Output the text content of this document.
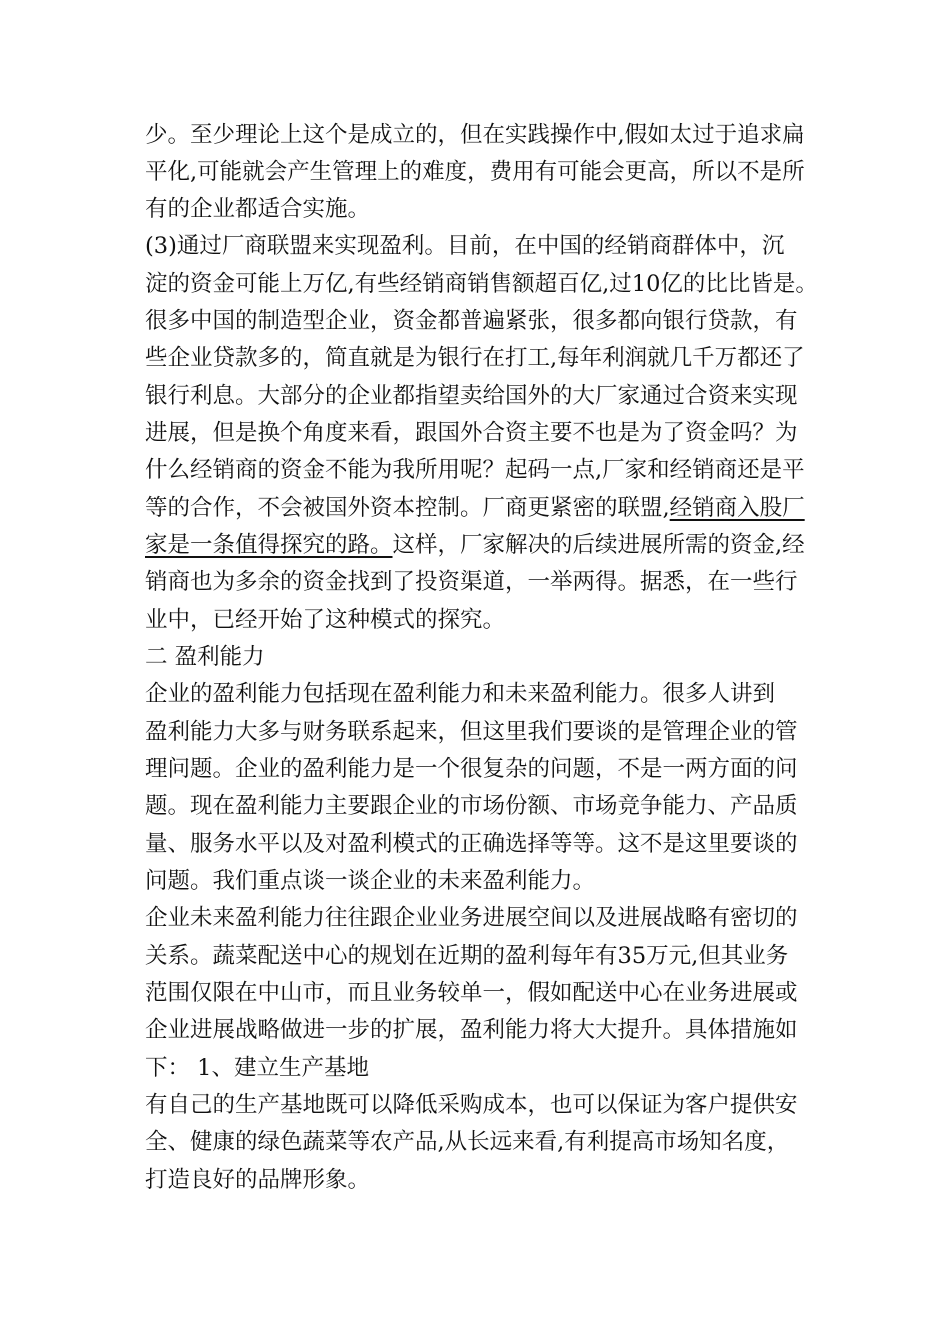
少。至少理论上这个是成立的，但在实践操作中,假如太过于追求扁
平化,可能就会产生管理上的难度，费用有可能会更高，所以不是所
有的企业都适合实施。
(3)通过厂商联盟来实现盈利。目前，在中国的经销商群体中，沉
淀的资金可能上万亿,有些经销商销售额超百亿,过10亿的比比皆是。
很多中国的制造型企业，资金都普遍紧张，很多都向银行贷款，有
些企业贷款多的，简直就是为银行在打工,每年利润就几千万都还了
银行利息。大部分的企业都指望卖给国外的大厂家通过合资来实现
进展，但是换个角度来看，跟国外合资主要不也是为了资金吗？为
什么经销商的资金不能为我所用呢？起码一点,厂家和经销商还是平
等的合作，不会被国外资本控制。厂商更紧密的联盟,经销商入股厂
家是一条值得探究的路。这样，厂家解决的后续进展所需的资金,经
销商也为多余的资金找到了投资渠道，一举两得。据悉，在一些行
业中，已经开始了这种模式的探究。
二 盈利能力
企业的盈利能力包括现在盈利能力和未来盈利能力。很多人讲到
盈利能力大多与财务联系起来，但这里我们要谈的是管理企业的管
理问题。企业的盈利能力是一个很复杂的问题，不是一两方面的问
题。现在盈利能力主要跟企业的市场份额、市场竞争能力、产品质
量、服务水平以及对盈利模式的正确选择等等。这不是这里要谈的
问题。我们重点谈一谈企业的未来盈利能力。
企业未来盈利能力往往跟企业业务进展空间以及进展战略有密切的
关系。蔬菜配送中心的规划在近期的盈利每年有35万元,但其业务
范围仅限在中山市，而且业务较单一，假如配送中心在业务进展或
企业进展战略做进一步的扩展，盈利能力将大大提升。具体措施如
下： 1、建立生产基地
有自己的生产基地既可以降低采购成本，也可以保证为客户提供安
全、健康的绿色蔬菜等农产品,从长远来看,有利提高市场知名度，
打造良好的品牌形象。
